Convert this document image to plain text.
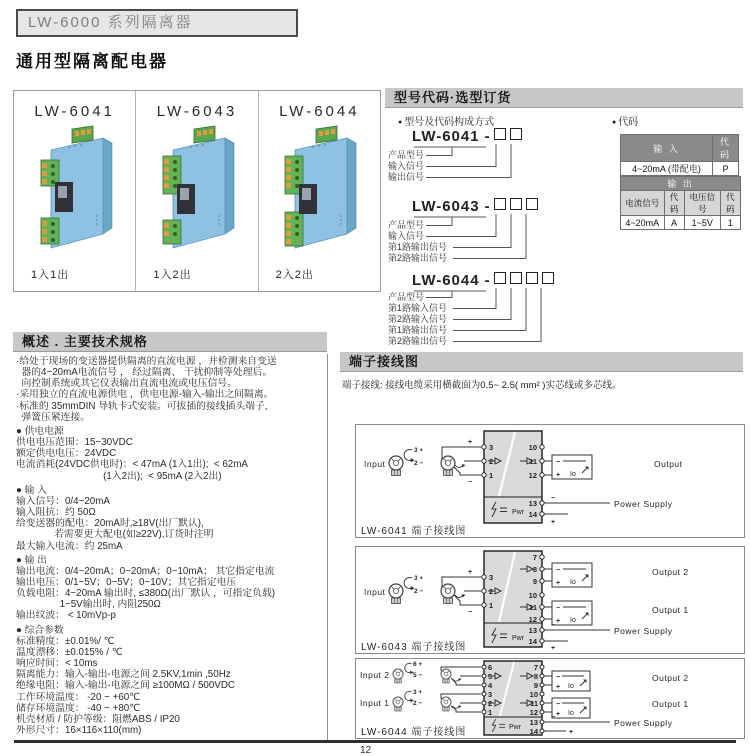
LW-6000 系列隔离器
通用型隔离配电器
LW-6041
1入1出
LW-6043
1入2出
LW-6044
2入2出
型号代码·选型订货
● 型号及代码构成方式	● 代码
LW-6041 -
产品型号
输入信号
输出信号
LW-6043 -
产品型号
输入信号
第1路输出信号
第2路输出信号
LW-6044 -
产品型号
第1路输入信号
第2路输入信号
第1路输出信号
第2路输出信号
输 入	代码
4~20mA (带配电)	P
输 出			
电流信号	代码	电压信号	代码
4~20mA	A	1~5V	1
概述 . 主要技术规格
·给处于现场的变送器提供隔离的直流电源 ，并检测来自变送
器的4~20mA电流信号 ， 经过隔离、 干扰抑制等处理后。
向控制系统或其它仪表输出直流电流或电压信号。
·采用独立的直流电源供电 ，供电电源-输入-输出之间隔离。
·标准的 35mmDIN 导轨卡式安装。可拔插的接线插头端子,
弹簧压紧连接。
● 供电电源
供电电压范围：15~30VDC
额定供电电压：24VDC
电流消耗(24VDC供电时)：< 47mA (1入1出);  < 62mA
(1入2出);  < 95mA (2入2出)
● 输 入
输入信号：0/4~20mA
输入阻抗：约 50Ω
给变送器的配电：20mA时,≥18V(出厂默认),
若需要更大配电(如≥22V),订货时注明
最大输入电流：约 25mA
● 输 出
输出电流：0/4~20mA；0~20mA；0~10mA； 其它指定电流
输出电压：0/1~5V；0~5V；0~10V；其它指定电压
负载电阻：4~20mA 输出时, ≤380Ω(出厂默认 ，可指定负载)
1~5V输出时, 内阻250Ω
输出纹波： < 10mVp-p
● 综合参数
标准精度：±0.01%/ ℃
温度漂移：±0.015% / ℃
响应时间：< 10ms
隔离能力：输入-输出-电源之间 2.5KV,1min ,50Hz
绝缘电阻：输入-输出-电源之间 ≥100MΩ / 500VDC
工作环境温度： -20 ~ +60℃
储存环境温度： -40 ~ +80℃
机壳材质 / 防护等级：阻燃ABS / IP20
外形尺寸：16×116×110(mm)
端子接线图
端子接线: 接线电缆采用横截面为0.5~ 2.5( mm² )实芯线或多芯线。
Input
3 +
2 −
+
−
3
2
1
10
11
12
−
+ Io
Output
Pwr
13
14
−
+
Power Supply
LW-6041 端子接线图
Input
3 +
2 −
+
−
3
2
1
7
8
9
−
+ Io
Output 2
10
11
12
−
+ Io
Output 1
Pwr
13
14
−
+
Power Supply
LW-6043 端子接线图
Input 2
6 +
5 −
6
5
4
Input 1
3 +
2 −
3
2
1
7
8
9
−
+ Io
Output 2
10
11
12
−
+ Io
Output 1
Pwr
13
14
−
+
Power Supply
LW-6044 端子接线图
12
